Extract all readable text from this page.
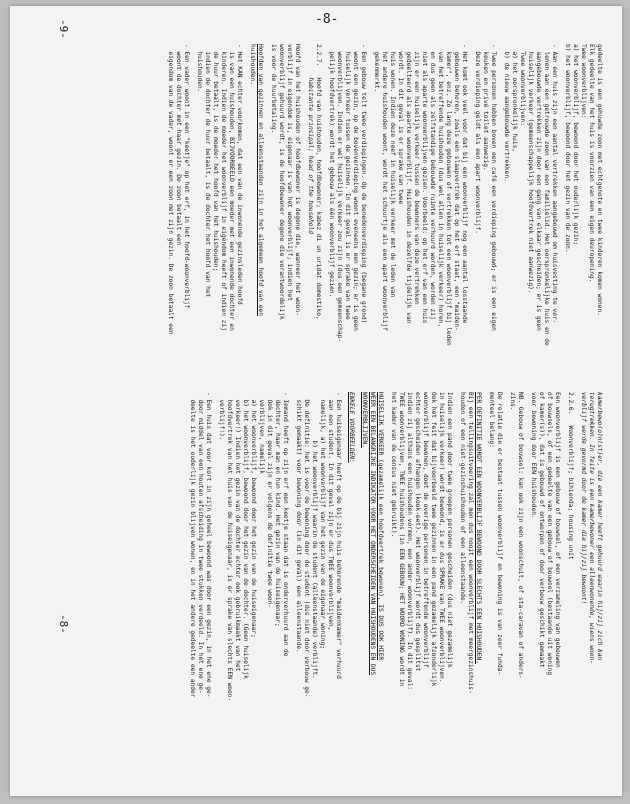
-8-
-9-
-8-
gedeelte is een gehuwde zoon met echtgenote en twee kinderen komen wonen.
Elk gedeelte van het huis is voorzien van een eigen deuropening.
Twee woonverblijven:
a) het woonverblijf, bewoond door het ouderlijk gezin;
b) het woonverblijf, bewoond door het gezin van de zoon.
- Aan een huis zijn een aantal vertrekken aangebouwd om huisvesting te ver-
lenen aan een getrouwde zoon van een familielid. Het oorspronkelijke huis en de
aangebouwde vertrekken zijn door een gang van elkaar gescheiden; er is geen
huiselijk verkeer (gemeenschappelijk hoofdvertrek niet aanwezig).
Twee woonverblijven:
a) het oorspronkelijk huis,
b) de nieuw aangebouwde vertrekken.
- Twee personen hebben boven een café een verdieping gebouwd; er is een eigen
keuken en privé toilet aanwezig.
Deze verdieping geldt als een apart woonverblijf.
- Het komt ook veel voor dat bij een woonverblijf nog een aantal losstaande
gebouwen behoren, zoals een slaapvertrek dat op het erf staat, een "maiden-
kamer", enz. Zo lang deze gebouwen of vertrekken tot een woonverblijf bij leden
van het betreffende huishouden (dus wel allen in huiselijk verkeer) horen,
en dus geen als zelfstandige bebouwde ruimte verhuurd worden, worden zij
niet als aparte woonverblijven gezien. Voorbeeld: op het erf van een huis
zijn er een huiselijk verkeer tussen de bewoners van deze vertrekken
gedeelteerd als aparte woonverblijf. Huishouden in dezelfde tijdelijk van
wordt. In dit geval is er sprake van twee
huis wonen. Indien deze neef in huiselijk verkeer met de leden van
het andere huishouden woont, wordt het schuurtje als een apart woonverblijf
gekenmerkt.
- Een gebouw telt twee verdiepingen. Op de benedenverdieping (begane grond)
woont een gezin, op de bovenverdieping woont eveneens een gezin; er is geen
huiselijk verkeer tussen de gezinnen. In dit geval is er sprake van twee
woonverblijven. Indien er wel huiselijk verkeer zou zijn (dus een gemeenschap-
pelijk hoofdvertrek) wordt het gebouw als één woonverblijf gezien.
2.2.7.   Hoofd van huishouden, hoofdbewoner; kabez di un uridat domestiko,
habitante prinsipal; head of the household
Hoofd van het huishouden of hoofdbewoner is degene die, wanneer het woon-
verblijf in eigendom is, eigenaar is van het woonverblijf; indien het
woonverblijf gehuurd wordt, is de hoofdbewoner degene die verantwoordelijk
is voor de huurbetaling.
Hoofden van gezinnen en alleenstaanden zijn in het algemeen hoofd van een
huishouden.
- Het KAN echter voorkomen, dat een van de inwonende gezinsleden hoofd
is van een huishouden, BIJVOORBEELD een moeder met een inwonende dochter en
kinderen. Indien de moeder het woonverblijf in eigendom heeft of indien zij
de huur betaalt, is de moeder het hoofd van het huishouden;
indien de dochter de huur betaalt, is de dochter het hoofd van het
huishouden.
- Een vader woont in een "keetje" op het erf, in het hoofd-woonverblijf
woont de dochter met haar gezin. De zoon betaalt een
eigendom van de vader, woont er een zoon met zijn gezin. De zoon betaalt een
kamerbewo(o)n(st)er, die een kamer heeft gehuurd waarin hij/zij zich kan
terugtrekken. In feite is een kamerbewoner een alleenwonende, wiens woon-
verblijf werde gevormd door de kamer die hij/zij bewoont!
2.2.6.   Woonverblijf; bihienda; housing unit
Een woonverblijf is een gebouw of bouwsel, of een verzameling van gebouwen
of bouwsels, of een gedeelte van een gebouw of bouwsel (bestaande uit woning
of kamer(s)), dat is gebouwd of ontworpen of door verbouw geschikt gemaakt
voor bewoning door EEN huishouden.
NB. Gebouw of bouwsel: kan ook zijn een woonschuit, of sta-caravan of anders-
zins.
De relatie die er bestaat tussen woonverblijf en bewoning is van zeer funda-
menteel belang:
PER DEFINITIE WORDT EEN WOONVERBLIJF BEWOOND DOOR SLECHTS EEN HUISHOUDEN.
Bij een tellingsuitvoering zal men dus nooit een woonverblijf met meergezinshuis-
houden of een niet-gezinshuishouden of een alleenstaande.
Indien een pand door twee groepen personen gescheiden (dus niet gezamelijk
in huiselijk verkeer) wordt bewoond, is er dus SPRAKE van TWEE woonverblijven.
Ook het feit dat bijvoorbeeld twee gezinnen in een pand gezamelijk afzonderlijk
woonverblijf bewonen, doet de overige personen in betreffende woonverblijf
echter gescheiden afhangen (kook-eet). Het woonverblijf wordt dus gesplitst
indien zij althans een huishouden vormen, een ander woonverblijf). In dit geval:
TWEE woonverblijven, TWEE huishoudens (in EEN GEBOUW; HET WOORD WONING wordt in
het kader van de census niet gebruikt).
HUISELIJK VERKEER (gezamelijk een hoofdvertrek bewonen), IS DUS OOK HIER
WEER EEN BELANGRIJKE INDIKATOR VOOR HET ONDERSCHEIDEN VAN HUISHOUDENS EN DUS
WOONVERBLIJVEN.
ENKELE VOORBEELDEN:
- Een huiseigenaar heeft op de bij zijn huis behorende "maidenkamer" verhuurd
aan een student. In dit geval zijn er dus TWEE woonverblijven,
namelijk, a) het woonverblijf van het gezin van de eigenaar woning;
b) het woonverblijf waarin de student (alleenstaande) verblijft.
De definitie: het is voor de bewoning door de student (dus niet door verbouw ge-
schikt gemaakt) voor bewoning door (in dit geval) een alleenstaande.
- Iemand heeft op zijn erf een keetje staan dat is onderverhuurd aan de
dochter, haar man en hun kind. Het gezin van de huiseigenaar;
Ook in dit geval zijn er volgens de definitie twee woon-
verblijven, namelijk
a) het woonverblijf, bewoond door het gezin van de huiseigenaar;
b) het woonverblijf, bewoond door het gezin van de dochter. (Geen huiselijk
verkeer!) Indien het gezin van de dochter echter ook gebruikmaakt van het
hoofdvertrek van het huis van de huiseigenaar, is er sprake van slechts EEN woon-
verblijf!).
- Een huis dat voor kort in zijn geheel bewoond was door een gezin, in het ene ge-
door middel van een houten afscheiding in twee stukken verdeeld. In het ene ge-
deelte is het ouderlijk gezin blijven wonen, en in het andere gedeelte een ander
